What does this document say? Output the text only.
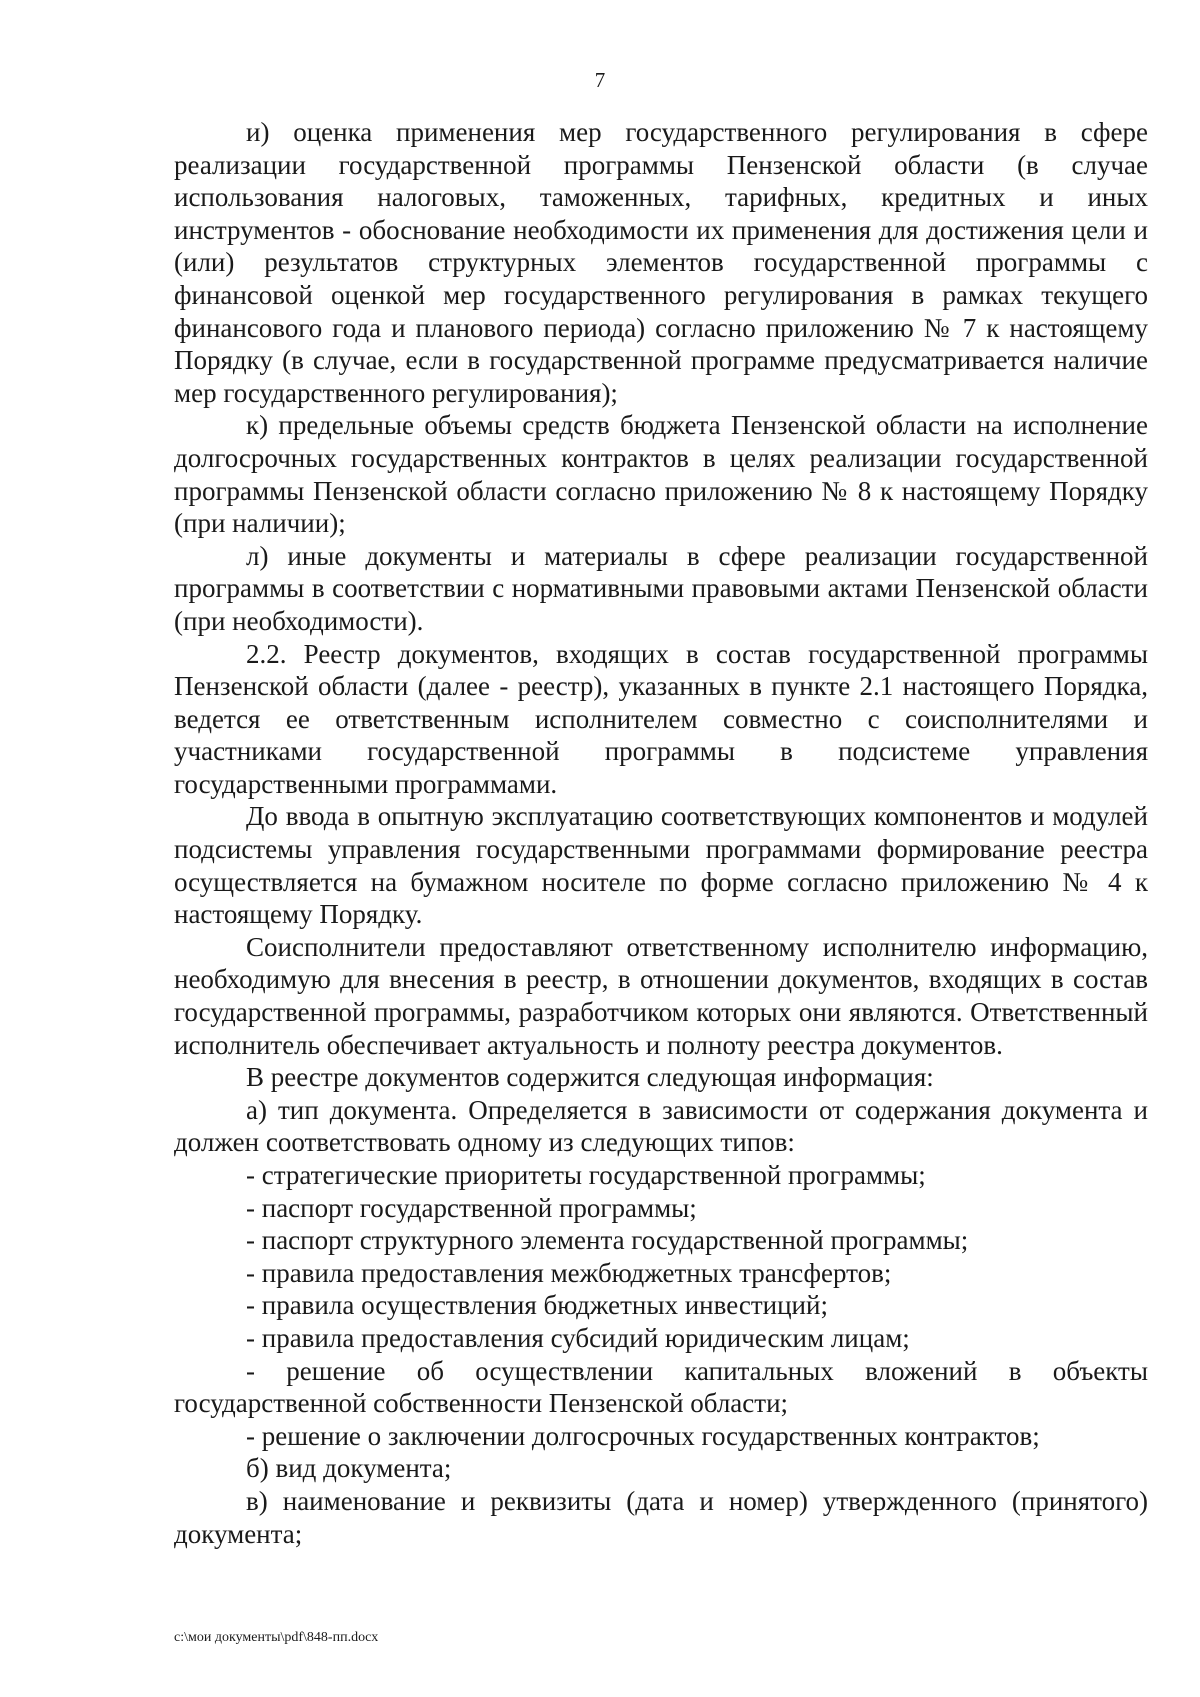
7

и) оценка применения мер государственного регулирования в сфере реализации государственной программы Пензенской области (в случае использования налоговых, таможенных, тарифных, кредитных и иных инструментов - обоснование необходимости их применения для достижения цели и (или) результатов структурных элементов государственной программы с финансовой оценкой мер государственного регулирования в рамках текущего финансового года и планового периода) согласно приложению № 7 к настоящему Порядку (в случае, если в государственной программе предусматривается наличие мер государственного регулирования);

к) предельные объемы средств бюджета Пензенской области на исполнение долгосрочных государственных контрактов в целях реализации государственной программы Пензенской области согласно приложению № 8 к настоящему Порядку (при наличии);

л) иные документы и материалы в сфере реализации государственной программы в соответствии с нормативными правовыми актами Пензенской области (при необходимости).

2.2. Реестр документов, входящих в состав государственной программы Пензенской области (далее - реестр), указанных в пункте 2.1 настоящего Порядка, ведется ее ответственным исполнителем совместно с соисполнителями и участниками государственной программы в подсистеме управления государственными программами.

До ввода в опытную эксплуатацию соответствующих компонентов и модулей подсистемы управления государственными программами формирование реестра осуществляется на бумажном носителе по форме согласно приложению № 4 к настоящему Порядку.

Соисполнители предоставляют ответственному исполнителю информацию, необходимую для внесения в реестр, в отношении документов, входящих в состав государственной программы, разработчиком которых они являются. Ответственный исполнитель обеспечивает актуальность и полноту реестра документов.

В реестре документов содержится следующая информация:

а) тип документа. Определяется в зависимости от содержания документа и должен соответствовать одному из следующих типов:

- стратегические приоритеты государственной программы;

- паспорт государственной программы;

- паспорт структурного элемента государственной программы;

- правила предоставления межбюджетных трансфертов;

- правила осуществления бюджетных инвестиций;

- правила предоставления субсидий юридическим лицам;

- решение об осуществлении капитальных вложений в объекты государственной собственности Пензенской области;

- решение о заключении долгосрочных государственных контрактов;

б) вид документа;

в) наименование и реквизиты (дата и номер) утвержденного (принятого) документа;

c:\мои документы\pdf\848-пп.docx
